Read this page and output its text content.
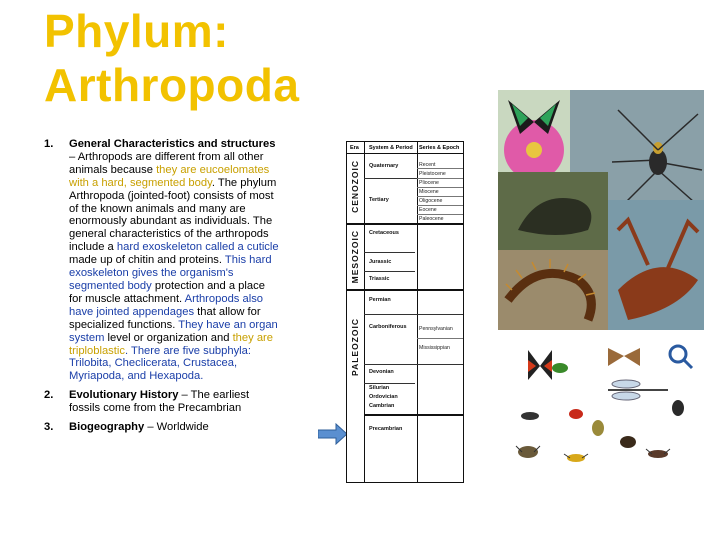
Phylum:
Arthropoda
1. General Characteristics and structures – Arthropods are different from all other animals because they are eucoelomates with a hard, segmented body. The phylum Arthropoda (jointed-foot) consists of most of the known animals and many are enormously abundant as individuals. The general characteristics of the arthropods include a hard exoskeleton called a cuticle made up of chitin and proteins. This hard exoskeleton gives the organism's segmented body protection and a place for muscle attachment. Arthropods also have jointed appendages that allow for specialized functions. They have an organ system level or organization and they are triploblastic. There are five subphyla: Trilobita, Checlicerata, Crustacea, Myriapoda, and Hexapoda.
2. Evolutionary History – The earliest fossils come from the Precambrian
3. Biogeography – Worldwide
Era System & Period Series & Epoch
CENOZOIC
MESOZOIC
PALEOZOIC
Quaternary
Tertiary
Cretaceous
Jurassic
Triassic
Permian
Carboniferous
Devonian
Silurian
Ordovician
Cambrian
Precambrian
Recent
Pleistocene
Pliocene
Miocene
Oligocene
Eocene
Paleocene
Pennsylvanian
Mississippian
